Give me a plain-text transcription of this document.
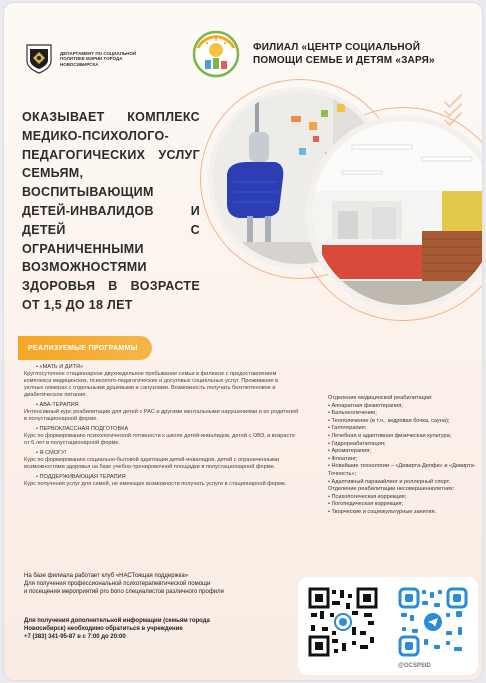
ДЕПАРТАМЕНТ ПО СОЦИАЛЬНОЙ ПОЛИТИКЕ МЭРИИ ГОРОДА НОВОСИБИРСКА
ФИЛИАЛ «ЦЕНТР СОЦИАЛЬНОЙ ПОМОЩИ СЕМЬЕ И ДЕТЯМ «ЗАРЯ»
ОКАЗЫВАЕТ КОМПЛЕКС МЕДИКО-ПСИХОЛОГО-ПЕДАГОГИЧЕСКИХ УСЛУГ СЕМЬЯМ, ВОСПИТЫВАЮЩИМ ДЕТЕЙ-ИНВАЛИДОВ И ДЕТЕЙ С ОГРАНИЧЕННЫМИ ВОЗМОЖНОСТЯМИ ЗДОРОВЬЯ В ВОЗРАСТЕ ОТ 1,5 ДО 18 ЛЕТ
РЕАЛИЗУЕМЫЕ ПРОГРАММЫ
• «МАТЬ И ДИТЯ»
Круглосуточное стационарное двухнедельное пребывание семьи в филиале с предоставлением комплекса медицинских, психолого-педагогических и досуговых социальных услуг. Проживание в уютных номерах с отдельными душевыми и санузлами. Возможность получать безглютеновое и диабетическое питание.
• АВА-ТЕРАПИЯ
Интенсивный курс реабилитации для детей с РАС и другими ментальными нарушениями и их родителей в полустационарной форме.
• ПЕРВОКЛАССНАЯ ПОДГОТОВКА
Курс по формированию психологической готовности к школе детей-инвалидов, детей с ОВЗ, в возрасте от 6 лет в полустационарной форме.
• Я СМОГУ!
Курс по формированию социально-бытовой адаптации детей-инвалидов, детей с ограниченными возможностями здоровья на базе учебно-тренировочной площадки в полустационарной форме.
• ПОДДЕРЖИВАЮЩАЯ ТЕРАПИЯ
Курс получения услуг для семей, не имеющих возможности получать услуги в стационарной форме.
Отделение медицинской реабилитации:
• Аппаратная физиотерапия;
• Бальнеолечение;
• Теплолечение (в т.ч., кедровая бочка, сауна);
• Галотерапия;
• Лечебная и адаптивная физическая культура;
• Гидрореабилитация;
• Ароматерапия;
• Флоатинг;
• Новейшие технологии – «Девирта-Делфи» и «Девирта-Точность»;
• Адаптивный паракайлинг и роллерный спорт.
Отделение реабилитации несовершеннолетних:
• Психологическая коррекция;
• Логопедическая коррекция;
• Творческие и социокультурные занятия.
На базе филиала работает клуб «НАСТоящая поддержка»
Для получения профессиональной психотерапевтической помощи
и посещения мероприятий pro bono специалистов различного профиля
Для получения дополнительной информации (семьям города
Новосибирск) необходимо обратиться в учреждение
+7 (383) 341-95-87 в с 7:00 до 20:00
@GCSPSID
